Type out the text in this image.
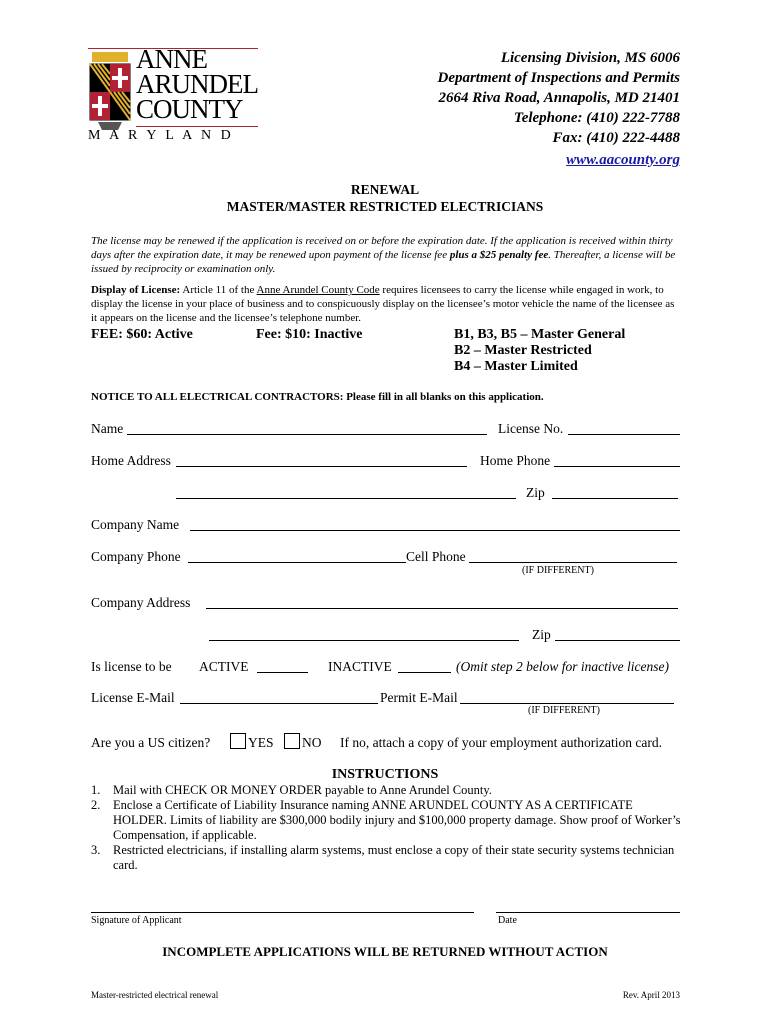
ANNE
ARUNDEL
COUNTY
M A R Y L A N D
Licensing Division, MS 6006
Department of Inspections and Permits
2664 Riva Road, Annapolis, MD 21401
Telephone: (410) 222-7788
Fax: (410) 222-4488
www.aacounty.org
RENEWAL
MASTER/MASTER RESTRICTED ELECTRICIANS
The license may be renewed if the application is received on or before the expiration date. If the application is received within thirty days after the expiration date, it may be renewed upon payment of the license fee plus a $25 penalty fee. Thereafter, a license will be issued by reciprocity or examination only.
Display of License: Article 11 of the Anne Arundel County Code requires licensees to carry the license while engaged in work, to display the license in your place of business and to conspicuously display on the licensee’s motor vehicle the name of the licensee as it appears on the license and the licensee’s telephone number.
FEE: $60: Active	Fee: $10: Inactive	B1, B3, B5 – Master General
B2 – Master Restricted
B4 – Master Limited
NOTICE TO ALL ELECTRICAL CONTRACTORS: Please fill in all blanks on this application.
Name	License No.
Home Address	Home Phone
Zip
Company Name
Company Phone	Cell Phone
(IF DIFFERENT)
Company Address
Zip
Is license to be ACTIVE	INACTIVE	(Omit step 2 below for inactive license)
License E-Mail	Permit E-Mail
(IF DIFFERENT)
Are you a US citizen?	YES	NO If no, attach a copy of your employment authorization card.
INSTRUCTIONS
1. Mail with CHECK OR MONEY ORDER payable to Anne Arundel County.
2. Enclose a Certificate of Liability Insurance naming ANNE ARUNDEL COUNTY AS A CERTIFICATE HOLDER. Limits of liability are $300,000 bodily injury and $100,000 property damage. Show proof of Worker’s Compensation, if applicable.
3. Restricted electricians, if installing alarm systems, must enclose a copy of their state security systems technician card.
Signature of Applicant	Date
INCOMPLETE APPLICATIONS WILL BE RETURNED WITHOUT ACTION
Master-restricted electrical renewal	Rev. April 2013
